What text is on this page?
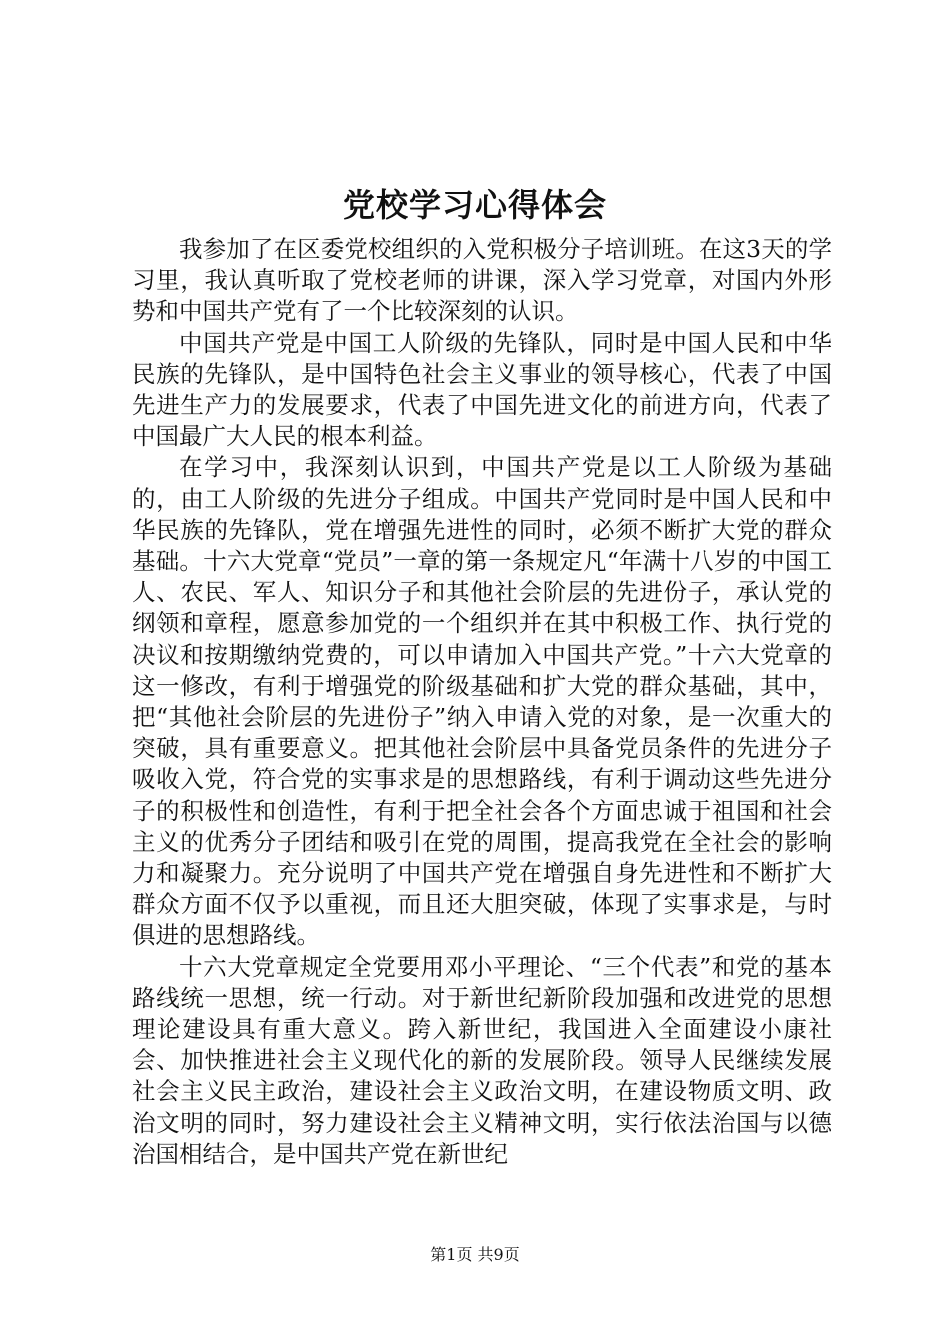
党校学习心得体会

我参加了在区委党校组织的入党积极分子培训班。在这3天的学习里，我认真听取了党校老师的讲课，深入学习党章，对国内外形势和中国共产党有了一个比较深刻的认识。

中国共产党是中国工人阶级的先锋队，同时是中国人民和中华民族的先锋队，是中国特色社会主义事业的领导核心，代表了中国先进生产力的发展要求，代表了中国先进文化的前进方向，代表了中国最广大人民的根本利益。

在学习中，我深刻认识到，中国共产党是以工人阶级为基础的，由工人阶级的先进分子组成。中国共产党同时是中国人民和中华民族的先锋队，党在增强先进性的同时，必须不断扩大党的群众基础。十六大党章“党员”一章的第一条规定凡“年满十八岁的中国工人、农民、军人、知识分子和其他社会阶层的先进份子，承认党的纲领和章程，愿意参加党的一个组织并在其中积极工作、执行党的决议和按期缴纳党费的，可以申请加入中国共产党。”十六大党章的这一修改，有利于增强党的阶级基础和扩大党的群众基础，其中，把“其他社会阶层的先进份子”纳入申请入党的对象，是一次重大的突破，具有重要意义。把其他社会阶层中具备党员条件的先进分子吸收入党，符合党的实事求是的思想路线，有利于调动这些先进分子的积极性和创造性，有利于把全社会各个方面忠诚于祖国和社会主义的优秀分子团结和吸引在党的周围，提高我党在全社会的影响力和凝聚力。充分说明了中国共产党在增强自身先进性和不断扩大群众方面不仅予以重视，而且还大胆突破，体现了实事求是，与时俱进的思想路线。

十六大党章规定全党要用邓小平理论、“三个代表”和党的基本路线统一思想，统一行动。对于新世纪新阶段加强和改进党的思想理论建设具有重大意义。跨入新世纪，我国进入全面建设小康社会、加快推进社会主义现代化的新的发展阶段。领导人民继续发展社会主义民主政治，建设社会主义政治文明，在建设物质文明、政治文明的同时，努力建设社会主义精神文明，实行依法治国与以德治国相结合，是中国共产党在新世纪

第1页 共9页
